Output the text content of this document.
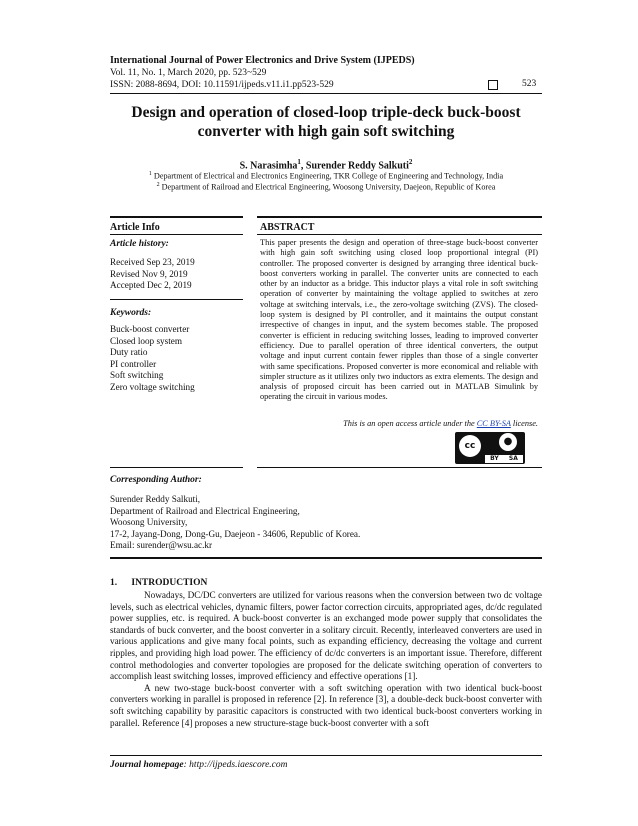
International Journal of Power Electronics and Drive System (IJPEDS)
Vol. 11, No. 1, March 2020, pp. 523~529
ISSN: 2088-8694, DOI: 10.11591/ijpeds.v11.i1.pp523-529	523
Design and operation of closed-loop triple-deck buck-boost
converter with high gain soft switching
S. Narasimha$^1$, Surender Reddy Salkuti$^2$
$^1$ Department of Electrical and Electronics Engineering, TKR College of Engineering and Technology, India
$^2$ Department of Railroad and Electrical Engineering, Woosong University, Daejeon, Republic of Korea
Article Info	ABSTRACT
Article history:
Received Sep 23, 2019
Revised Nov 9, 2019
Accepted Dec 2, 2019
Keywords:
Buck-boost converter
Closed loop system
Duty ratio
PI controller
Soft switching
Zero voltage switching
This paper presents the design and operation of three-stage buck-boost converter with high gain soft switching using closed loop proportional integral (PI) controller. The proposed converter is designed by arranging three identical buck-boost converters working in parallel. The converter units are connected to each other by an inductor as a bridge. This inductor plays a vital role in soft switching operation of converter by maintaining the voltage applied to switches at zero voltage at switching intervals, i.e., the zero-voltage switching (ZVS). The closed-loop system is designed by PI controller, and it maintains the output constant irrespective of changes in input, and the system becomes stable. The proposed converter is efficient in reducing switching losses, leading to improved converter efficiency. Due to parallel operation of three identical converters, the output voltage and input current contain fewer ripples than those of a single converter with same specifications. Proposed converter is more economical and reliable with simpler structure as it utilizes only two inductors as extra elements. The design and analysis of proposed circuit has been carried out in MATLAB Simulink by operating the circuit in various modes.
This is an open access article under the CC BY-SA license.
cc	●
BY SA
Corresponding Author:
Surender Reddy Salkuti,
Department of Railroad and Electrical Engineering,
Woosong University,
17-2, Jayang-Dong, Dong-Gu, Daejeon - 34606, Republic of Korea.
Email: surender@wsu.ac.kr
1.      INTRODUCTION

Nowadays, DC/DC converters are utilized for various reasons when the conversion between two dc voltage levels, such as electrical vehicles, dynamic filters, power factor correction circuits, appropriated ages, dc/dc regulated power supplies, etc. is required. A buck-boost converter is an exchanged mode power supply that consolidates the standards of buck converter, and the boost converter in a solitary circuit. Recently, interleaved converters are used in various applications and give many focal points, such as expanding efficiency, decreasing the voltage and current ripples, and providing high load power. The efficiency of dc/dc converters is an important issue. Therefore, different control methodologies and converter topologies are proposed for the delicate switching operation of converters to accomplish least switching losses, improved efficiency and effective operations [1].

A new two-stage buck-boost converter with a soft switching operation with two identical buck-boost converters working in parallel is proposed in reference [2]. In reference [3], a double-deck buck-boost converter with soft switching capability by parasitic capacitors is constructed with two identical buck-boost converters working in parallel. Reference [4] proposes a new structure-stage buck-boost converter with a soft

Journal homepage: http://ijpeds.iaescore.com
